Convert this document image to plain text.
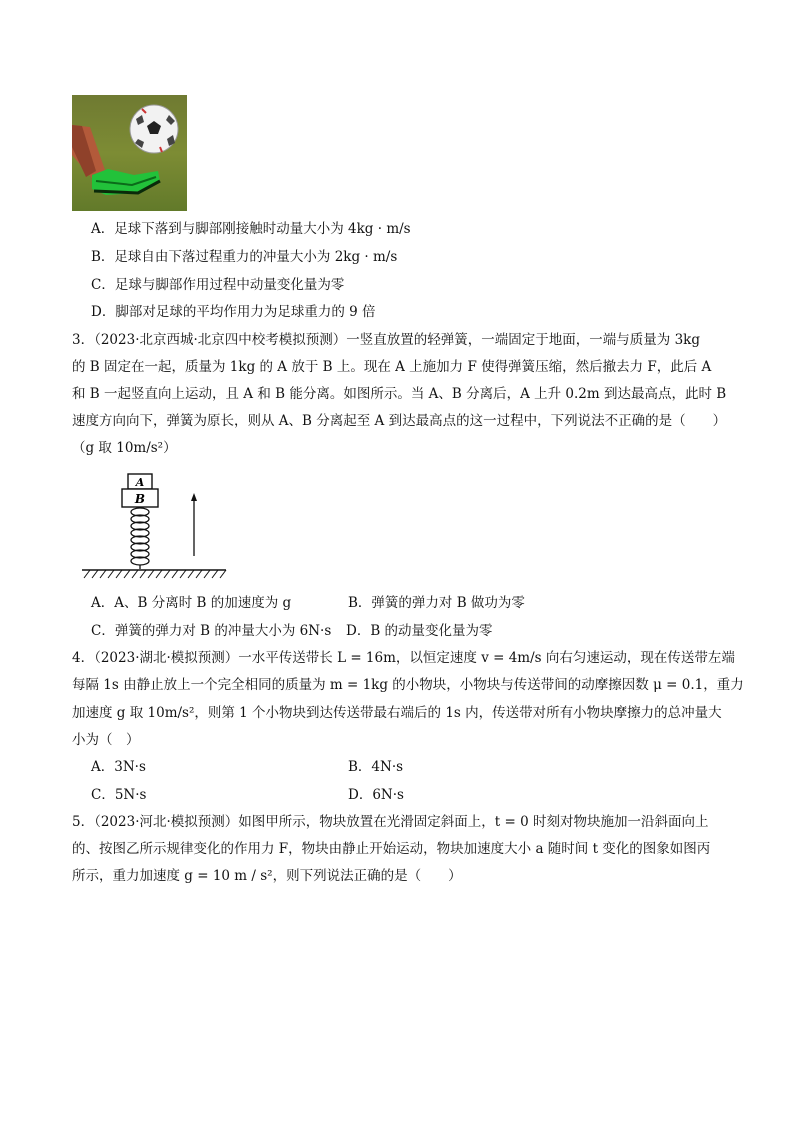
A．足球下落到与脚部刚接触时动量大小为 4kg · m/s
B．足球自由下落过程重力的冲量大小为 2kg · m/s
C．足球与脚部作用过程中动量变化量为零
D．脚部对足球的平均作用力为足球重力的 9 倍
3．（2023·北京西城·北京四中校考模拟预测）一竖直放置的轻弹簧，一端固定于地面，一端与质量为 3kg
的 B 固定在一起，质量为 1kg 的 A 放于 B 上。现在 A 上施加力 F 使得弹簧压缩，然后撤去力 F，此后 A
和 B 一起竖直向上运动，且 A 和 B 能分离。如图所示。当 A、B 分离后，A 上升 0.2m 到达最高点，此时 B
速度方向向下，弹簧为原长，则从 A、B 分离起至 A 到达最高点的这一过程中，下列说法不正确的是（　　）
（g 取 10m/s²）
A
B
A．A、B 分离时 B 的加速度为 g	B．弹簧的弹力对 B 做功为零
C．弹簧的弹力对 B 的冲量大小为 6N·s D．B 的动量变化量为零
4．（2023·湖北·模拟预测）一水平传送带长 L = 16m，以恒定速度 v = 4m/s 向右匀速运动，现在传送带左端
每隔 1s 由静止放上一个完全相同的质量为 m = 1kg 的小物块，小物块与传送带间的动摩擦因数 μ = 0.1，重力
加速度 g 取 10m/s²，则第 1 个小物块到达传送带最右端后的 1s 内，传送带对所有小物块摩擦力的总冲量大
小为（　）
A．3N·s	B．4N·s
C．5N·s	D．6N·s
5．（2023·河北·模拟预测）如图甲所示，物块放置在光滑固定斜面上，t = 0 时刻对物块施加一沿斜面向上
的、按图乙所示规律变化的作用力 F，物块由静止开始运动，物块加速度大小 a 随时间 t 变化的图象如图丙
所示，重力加速度 g = 10 m / s²，则下列说法正确的是（　　）
